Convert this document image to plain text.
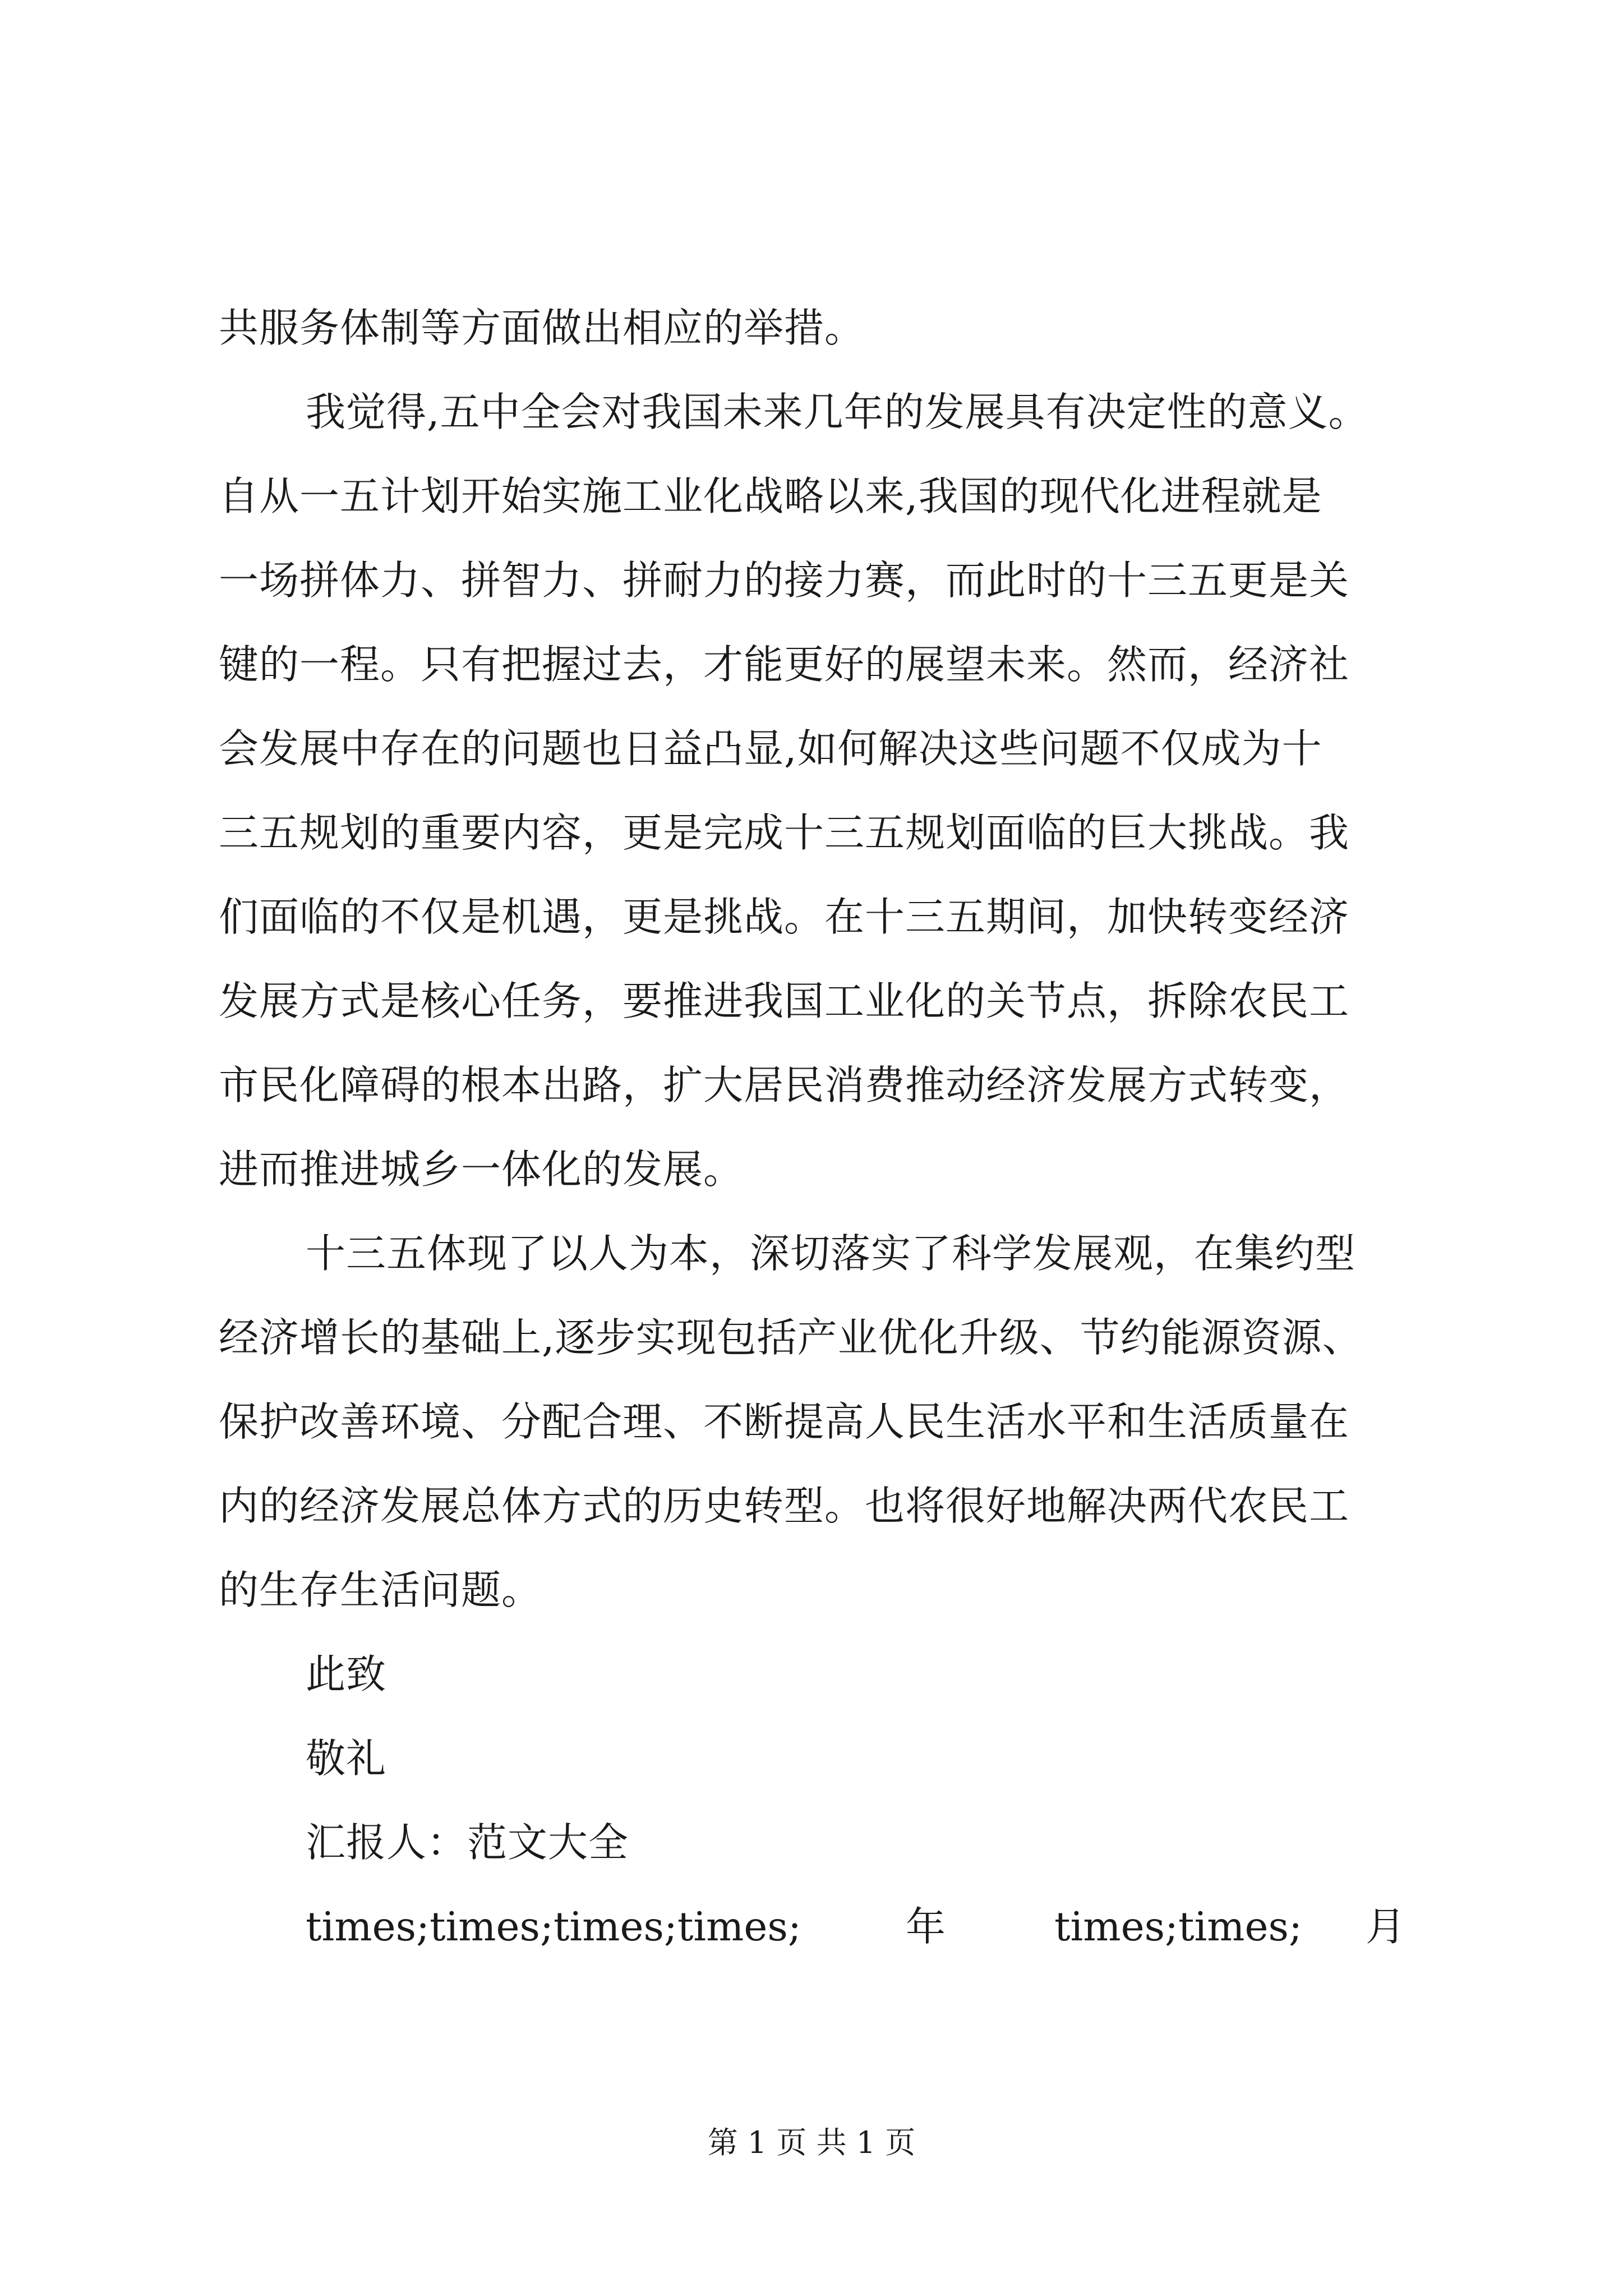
共服务体制等方面做出相应的举措。
我觉得,五中全会对我国未来几年的发展具有决定性的意义。
自从一五计划开始实施工业化战略以来,我国的现代化进程就是
一场拼体力、拼智力、拼耐力的接力赛，而此时的十三五更是关
键的一程。只有把握过去，才能更好的展望未来。然而，经济社
会发展中存在的问题也日益凸显,如何解决这些问题不仅成为十
三五规划的重要内容，更是完成十三五规划面临的巨大挑战。我
们面临的不仅是机遇，更是挑战。在十三五期间，加快转变经济
发展方式是核心任务，要推进我国工业化的关节点，拆除农民工
市民化障碍的根本出路，扩大居民消费推动经济发展方式转变，
进而推进城乡一体化的发展。
十三五体现了以人为本，深切落实了科学发展观，在集约型
经济增长的基础上,逐步实现包括产业优化升级、节约能源资源、
保护改善环境、分配合理、不断提高人民生活水平和生活质量在
内的经济发展总体方式的历史转型。也将很好地解决两代农民工
的生存生活问题。
此致
敬礼
汇报人：范文大全
times;times;times;times;	年	times;times; 月
第 1 页 共 1 页
